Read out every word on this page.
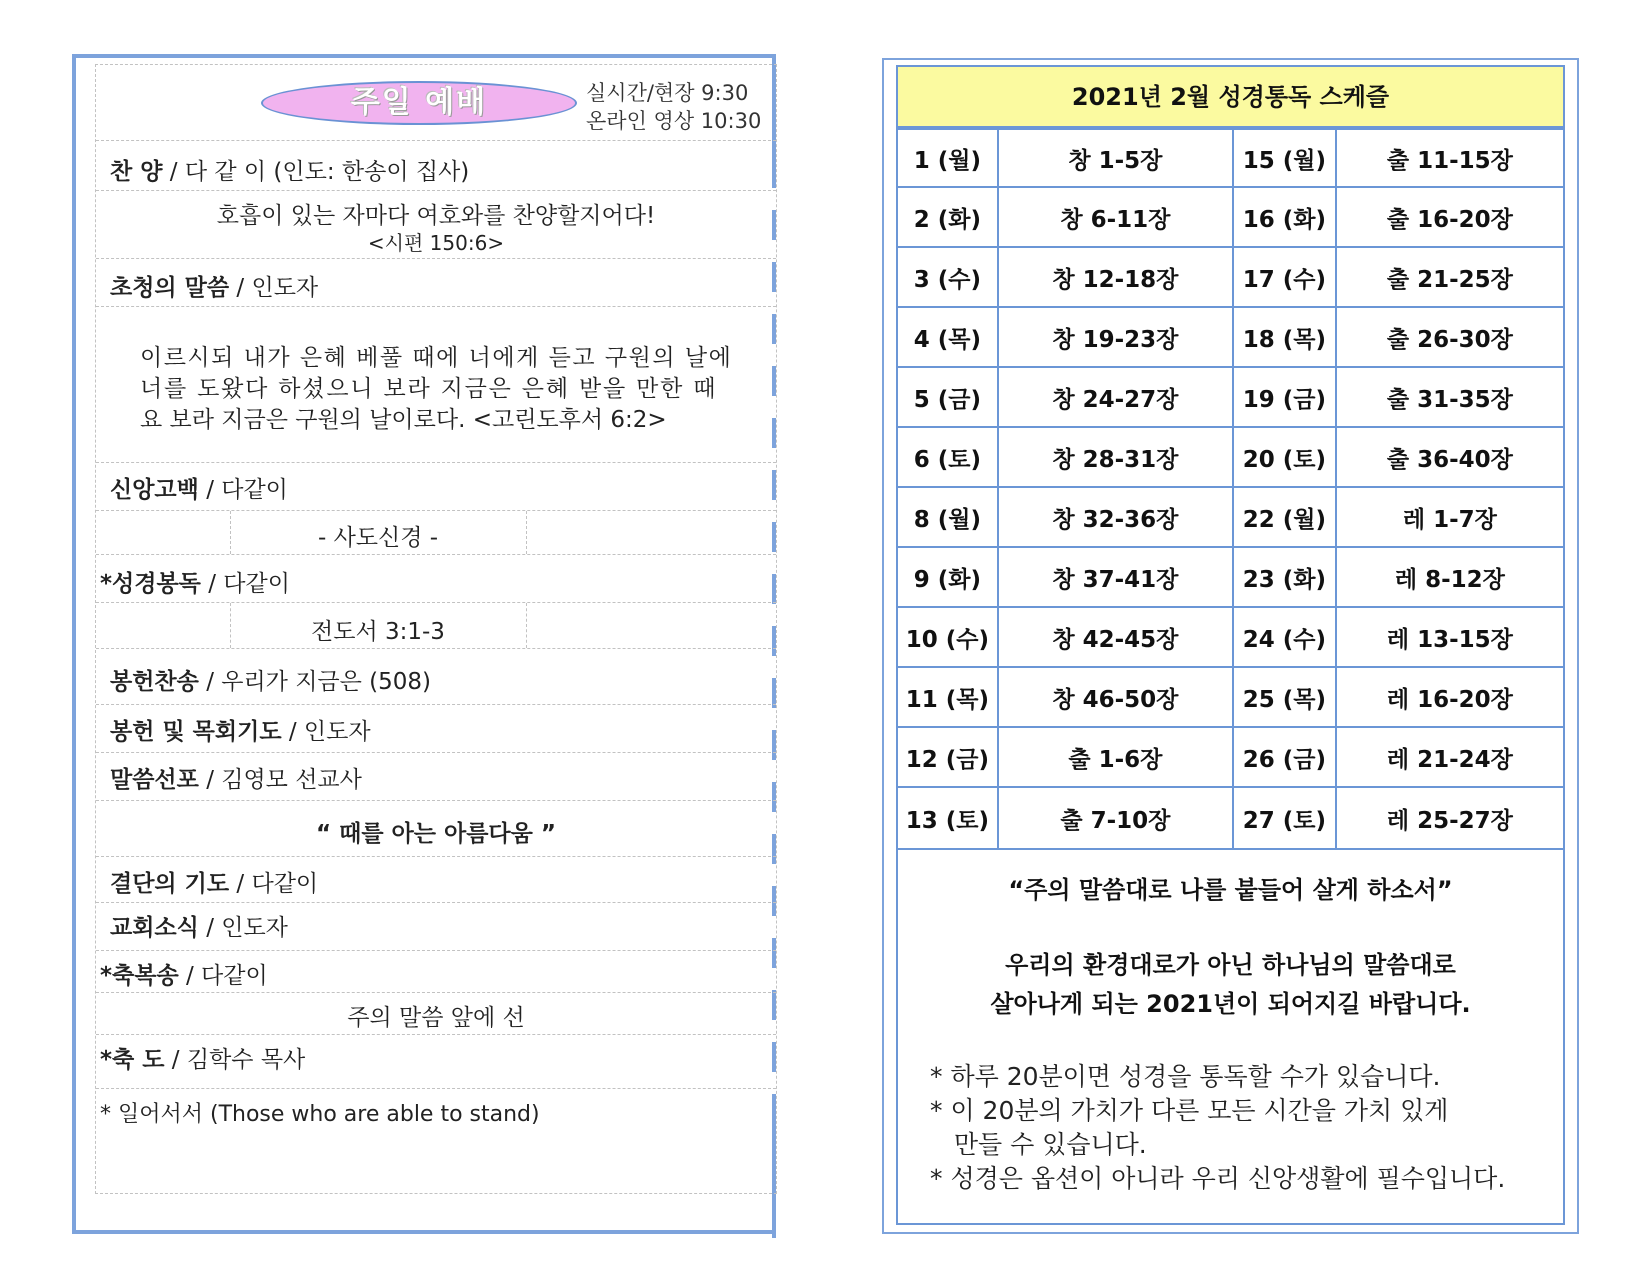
주일 예배	실시간/현장 9:30
온라인 영상 10:30
찬 양 / 다 같 이 (인도: 한송이 집사)
호흡이 있는 자마다 여호와를 찬양할지어다!
<시편 150:6>
초청의 말씀 / 인도자
이르시되 내가 은혜 베풀 때에 너에게 듣고 구원의 날에
너를 도왔다 하셨으니 보라 지금은 은혜 받을 만한 때
요 보라 지금은 구원의 날이로다. <고린도후서 6:2>
신앙고백 / 다같이
- 사도신경 -
*성경봉독 / 다같이
전도서 3:1-3
봉헌찬송 / 우리가 지금은 (508)
봉헌 및 목회기도 / 인도자
말씀선포 / 김영모 선교사
“ 때를 아는 아름다움 ”
결단의 기도 / 다같이
교회소식 / 인도자
*축복송 / 다같이
주의 말씀 앞에 선
*축 도 / 김학수 목사
* 일어서서 (Those who are able to stand)
2021년 2월 성경통독 스케즐
1 (월)	창 1-5장	15 (월)	출 11-15장
2 (화)	창 6-11장	16 (화)	출 16-20장
3 (수)	창 12-18장	17 (수)	출 21-25장
4 (목)	창 19-23장	18 (목)	출 26-30장
5 (금)	창 24-27장	19 (금)	출 31-35장
6 (토)	창 28-31장	20 (토)	출 36-40장
8 (월)	창 32-36장	22 (월)	레 1-7장
9 (화)	창 37-41장	23 (화)	레 8-12장
10 (수)	창 42-45장	24 (수)	레 13-15장
11 (목)	창 46-50장	25 (목)	레 16-20장
12 (금)	출 1-6장	26 (금)	레 21-24장
13 (토)	출 7-10장	27 (토)	레 25-27장
“주의 말씀대로 나를 붙들어 살게 하소서”
우리의 환경대로가 아닌 하나님의 말씀대로
살아나게 되는 2021년이 되어지길 바랍니다.
* 하루 20분이면 성경을 통독할 수가 있습니다.
* 이 20분의 가치가 다른 모든 시간을 가치 있게
만들 수 있습니다.
* 성경은 옵션이 아니라 우리 신앙생활에 필수입니다.
